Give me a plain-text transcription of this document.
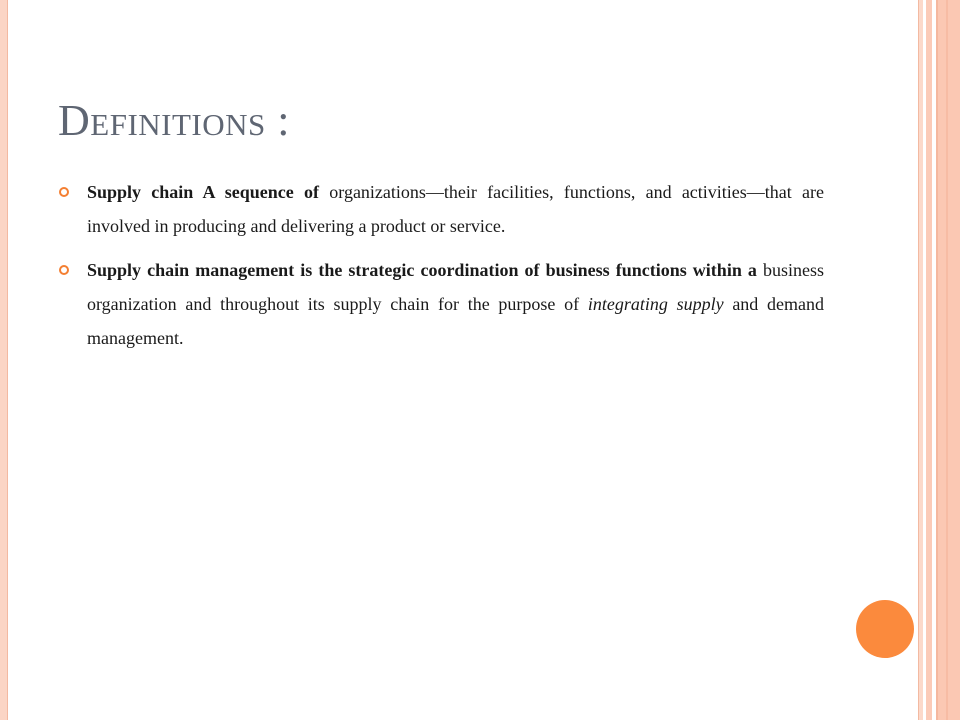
Definitions :
Supply chain A sequence of organizations—their facilities, functions, and activities—that are involved in producing and delivering a product or service.
Supply chain management is the strategic coordination of business functions within a business organization and throughout its supply chain for the purpose of integrating supply and demand management.
